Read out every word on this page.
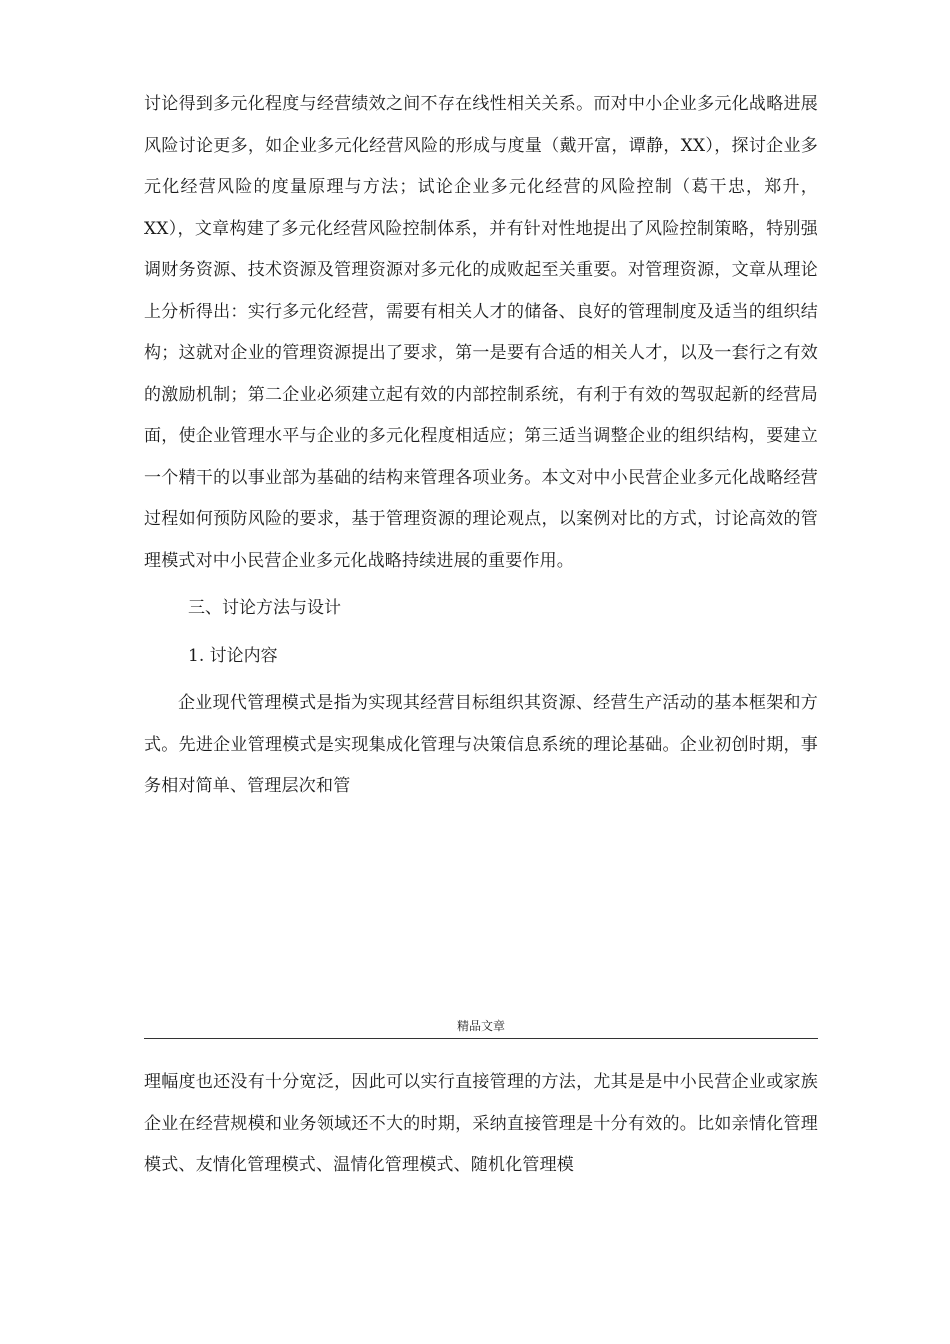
讨论得到多元化程度与经营绩效之间不存在线性相关关系。而对中小企业多元化战略进展风险讨论更多，如企业多元化经营风险的形成与度量（戴开富，谭静，XX），探讨企业多元化经营风险的度量原理与方法；试论企业多元化经营的风险控制（葛干忠，郑升，XX），文章构建了多元化经营风险控制体系，并有针对性地提出了风险控制策略，特别强调财务资源、技术资源及管理资源对多元化的成败起至关重要。对管理资源，文章从理论上分析得出：实行多元化经营，需要有相关人才的储备、良好的管理制度及适当的组织结构；这就对企业的管理资源提出了要求，第一是要有合适的相关人才，以及一套行之有效的激励机制；第二企业必须建立起有效的内部控制系统，有利于有效的驾驭起新的经营局面，使企业管理水平与企业的多元化程度相适应；第三适当调整企业的组织结构，要建立一个精干的以事业部为基础的结构来管理各项业务。本文对中小民营企业多元化战略经营过程如何预防风险的要求，基于管理资源的理论观点，以案例对比的方式，讨论高效的管理模式对中小民营企业多元化战略持续进展的重要作用。

三、讨论方法与设计

1. 讨论内容

企业现代管理模式是指为实现其经营目标组织其资源、经营生产活动的基本框架和方式。先进企业管理模式是实现集成化管理与决策信息系统的理论基础。企业初创时期，事务相对简单、管理层次和管

精品文章

理幅度也还没有十分宽泛，因此可以实行直接管理的方法，尤其是是中小民营企业或家族企业在经营规模和业务领域还不大的时期，采纳直接管理是十分有效的。比如亲情化管理模式、友情化管理模式、温情化管理模式、随机化管理模
